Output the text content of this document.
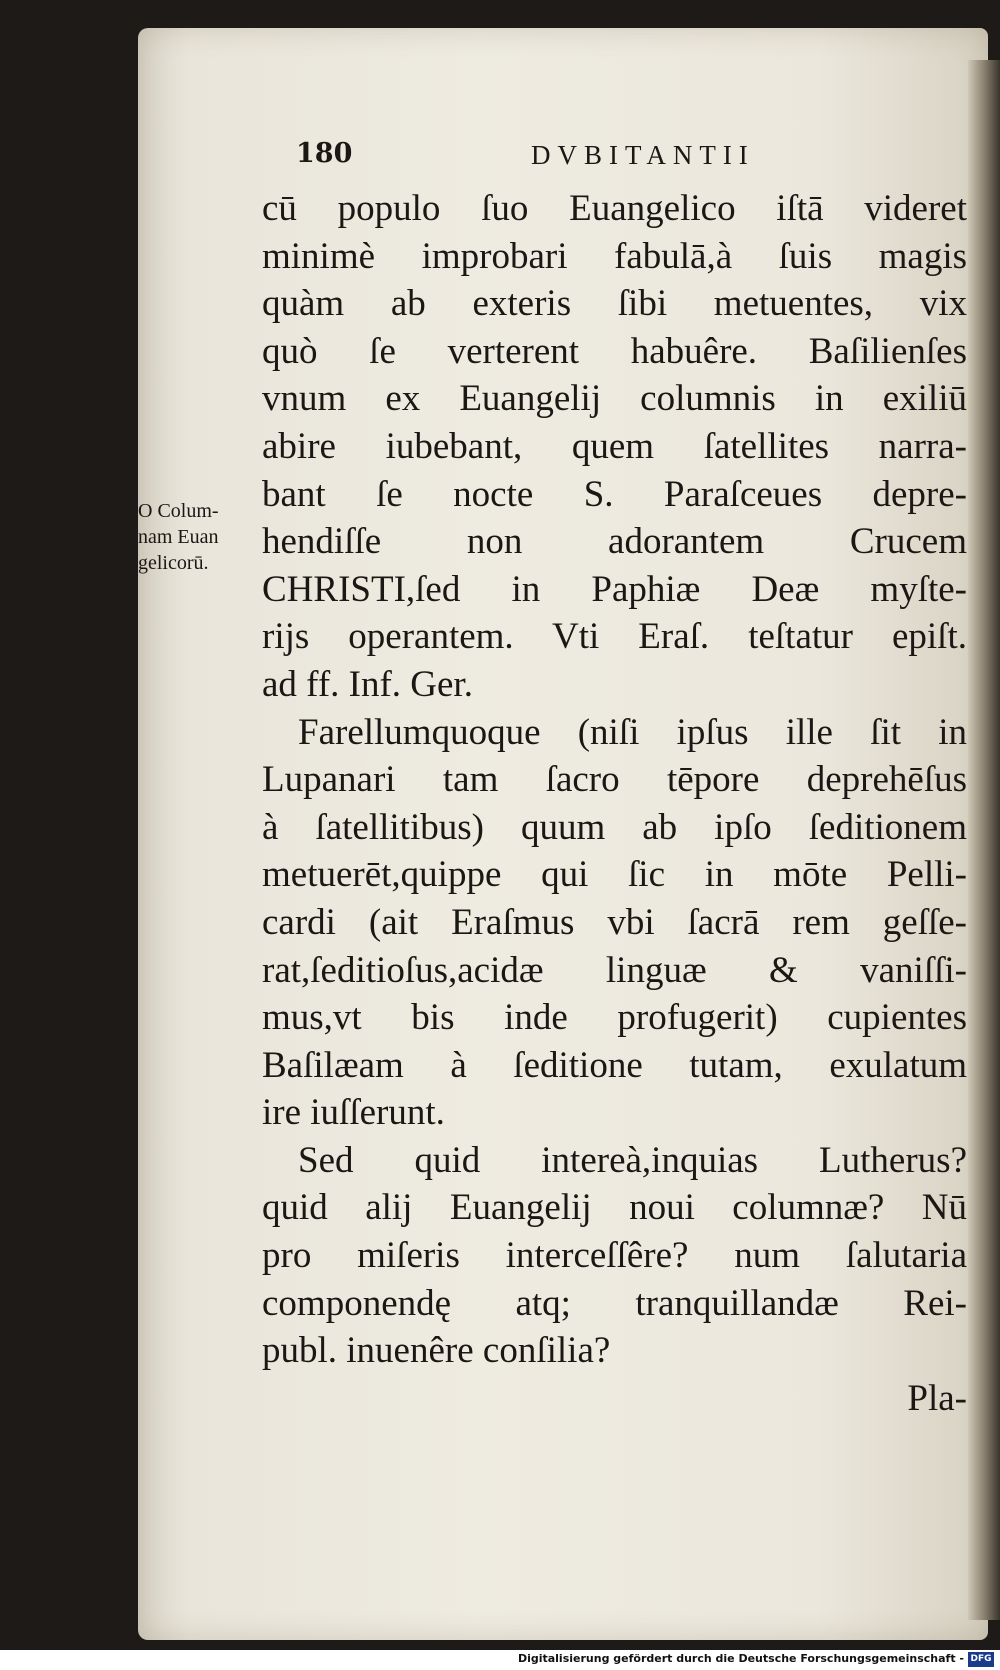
180	DVBITANTII
O Colum-
nam Euan
gelicorū.
cū populo ſuo Euangelico iſtā videret
minimè improbari fabulā,à ſuis magis
quàm ab exteris ſibi metuentes, vix
quò ſe verterent habuêre. Baſilienſes
vnum ex Euangelij columnis in exiliū
abire iubebant, quem ſatellites narra-
bant ſe nocte S. Paraſceues depre-
hendiſſe non adorantem Crucem
CHRISTI,ſed in Paphiæ Deæ myſte-
rijs operantem. Vti Eraſ. teſtatur epiſt.
ad ff. Inf. Ger.
Farellumquoque (niſi ipſus ille ſit in
Lupanari tam ſacro tēpore deprehēſus
à ſatellitibus) quum ab ipſo ſeditionem
metuerēt,quippe qui ſic in mōte Pelli-
cardi (ait Eraſmus vbi ſacrā rem geſſe-
rat,ſeditioſus,acidæ linguæ & vaniſſi-
mus,vt bis inde profugerit) cupientes
Baſilæam à ſeditione tutam, exulatum
ire iuſſerunt.
Sed quid intereà,inquias Lutherus?
quid alij Euangelij noui columnæ? Nū
pro miſeris interceſſêre? num ſalutaria
componendę atq; tranquillandæ Rei-
publ. inuenêre conſilia?
Pla-
Digitalisierung gefördert durch die Deutsche Forschungsgemeinschaft - DFG
